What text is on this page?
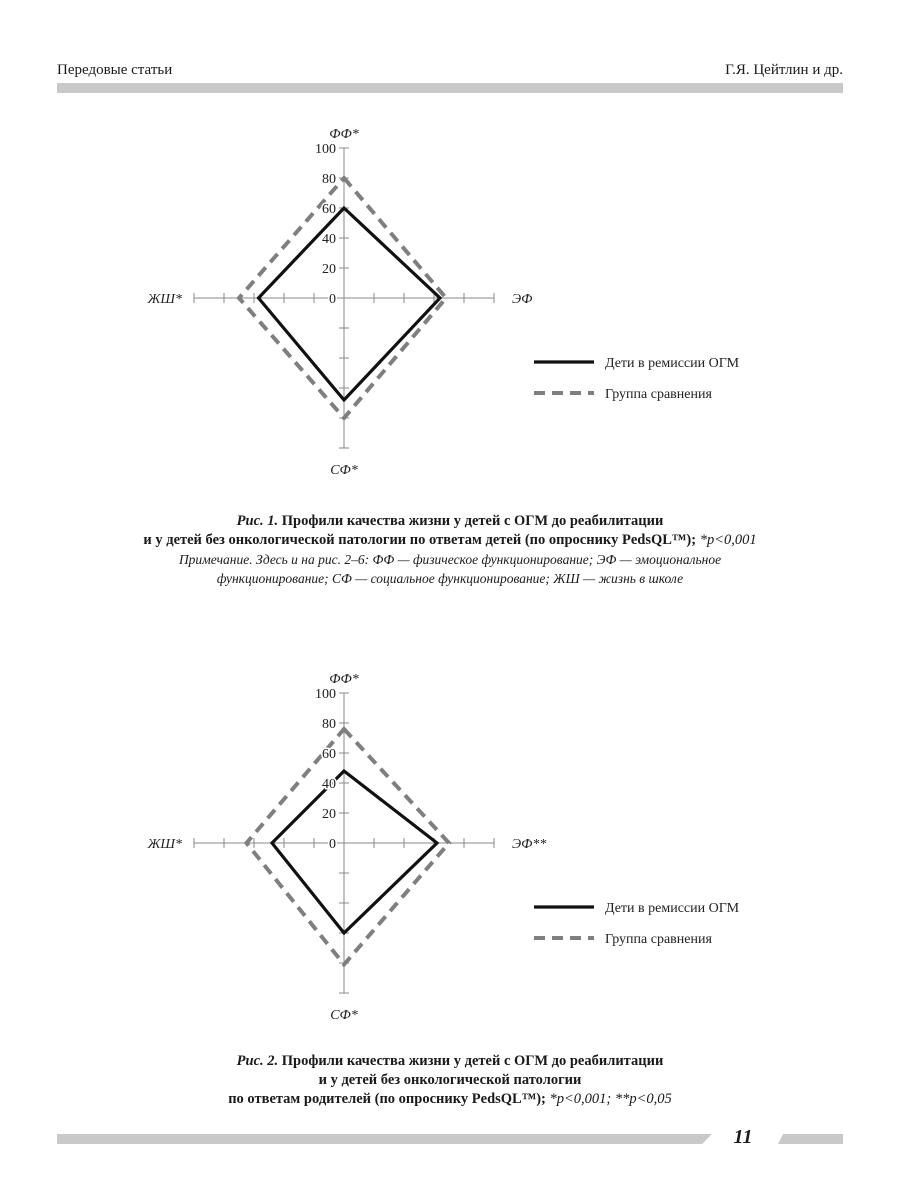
Передовые статьи	Г.Я. Цейтлин и др.
0
20
40
60
80
100
ФФ*
ЭФ
СФ*
ЖШ*
Дети в ремиссии ОГМ
Группа сравнения
Рис. 1. Профили качества жизни у детей с ОГМ до реабилитации
и у детей без онкологической патологии по ответам детей (по опроснику PedsQL™); *p<0,001
Примечание. Здесь и на рис. 2–6: ФФ — физическое функционирование; ЭФ — эмоциональное
функционирование; СФ — социальное функционирование; ЖШ — жизнь в школе
0
20
40
60
80
100
ФФ*
ЭФ**
СФ*
ЖШ*
Дети в ремиссии ОГМ
Группа сравнения
Рис. 2. Профили качества жизни у детей с ОГМ до реабилитации
и у детей без онкологической патологии
по ответам родителей (по опроснику PedsQL™); *p<0,001; **p<0,05
11
